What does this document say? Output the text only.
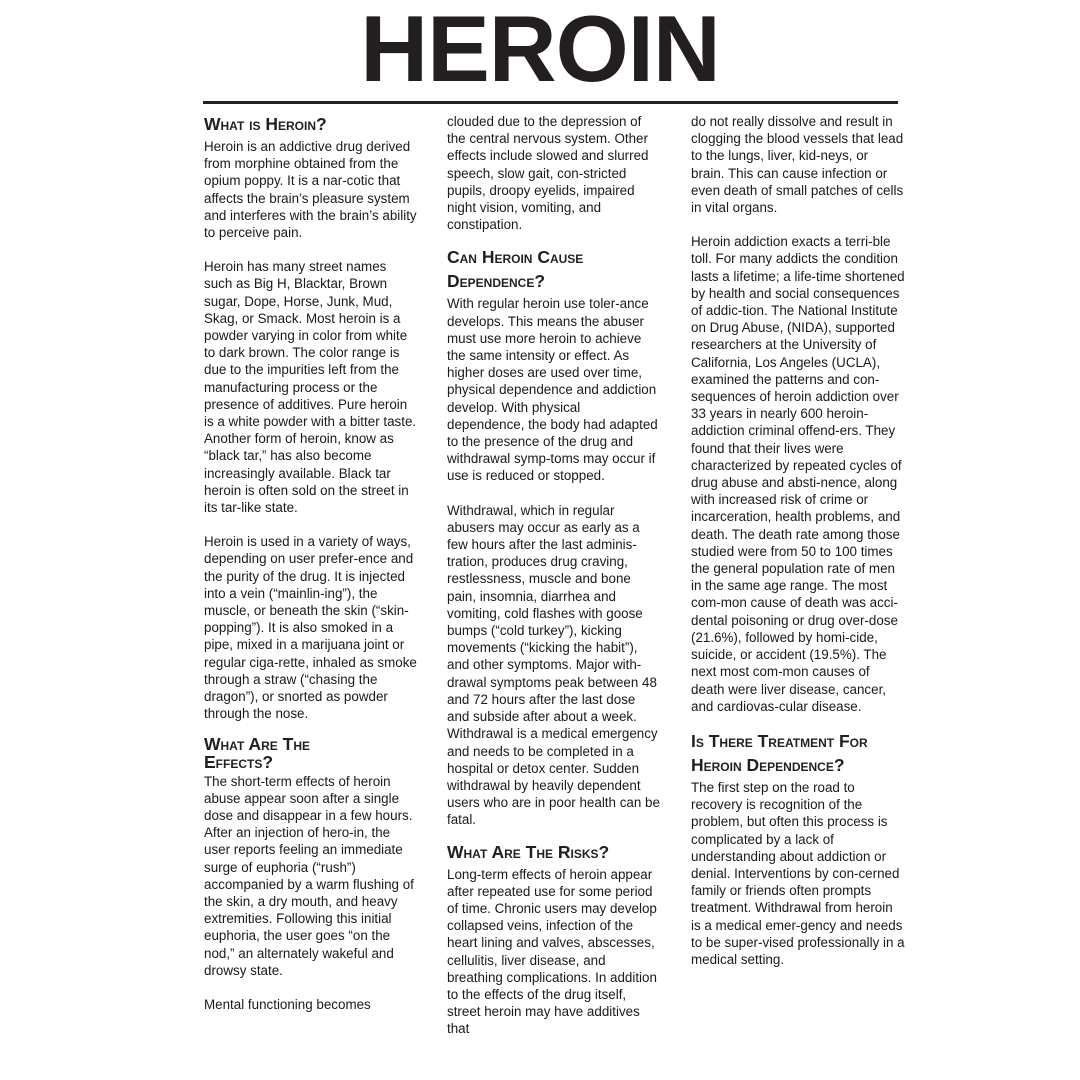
HEROIN
What is Heroin?

Heroin is an addictive drug derived from morphine obtained from the opium poppy. It is a nar-cotic that affects the brain’s pleasure system and interferes with the brain’s ability to perceive pain.

Heroin has many street names such as Big H, Blacktar, Brown sugar, Dope, Horse, Junk, Mud, Skag, or Smack. Most heroin is a powder varying in color from white to dark brown. The color range is due to the impurities left from the manufacturing process or the presence of additives. Pure heroin is a white powder with a bitter taste. Another form of heroin, know as “black tar,” has also become increasingly available. Black tar heroin is often sold on the street in its tar-like state.

Heroin is used in a variety of ways, depending on user prefer-ence and the purity of the drug. It is injected into a vein (“mainlin-ing”), the muscle, or beneath the skin (“skin-popping”). It is also smoked in a pipe, mixed in a marijuana joint or regular ciga-rette, inhaled as smoke through a straw (“chasing the dragon”), or snorted as powder through the nose.

What Are The Effects?

The short-term effects of heroin abuse appear soon after a single dose and disappear in a few hours. After an injection of hero-in, the user reports feeling an immediate surge of euphoria (“rush”) accompanied by a warm flushing of the skin, a dry mouth, and heavy extremities. Following this initial euphoria, the user goes “on the nod,” an alternately wakeful and drowsy state.

Mental functioning becomes

clouded due to the depression of the central nervous system. Other effects include slowed and slurred speech, slow gait, con-stricted pupils, droopy eyelids, impaired night vision, vomiting, and constipation.

Can Heroin Cause Dependence?

With regular heroin use toler-ance develops. This means the abuser must use more heroin to achieve the same intensity or effect. As higher doses are used over time, physical dependence and addiction develop. With physical dependence, the body had adapted to the presence of the drug and withdrawal symp-toms may occur if use is reduced or stopped.

Withdrawal, which in regular abusers may occur as early as a few hours after the last adminis-tration, produces drug craving, restlessness, muscle and bone pain, insomnia, diarrhea and vomiting, cold flashes with goose bumps (“cold turkey”), kicking movements (“kicking the habit”), and other symptoms. Major with-drawal symptoms peak between 48 and 72 hours after the last dose and subside after about a week. Withdrawal is a medical emergency and needs to be completed in a hospital or detox center. Sudden withdrawal by heavily dependent users who are in poor health can be fatal.

What Are The Risks?

Long-term effects of heroin appear after repeated use for some period of time. Chronic users may develop collapsed veins, infection of the heart lining and valves, abscesses, cellulitis, liver disease, and breathing complications. In addition to the effects of the drug itself, street heroin may have additives that

do not really dissolve and result in clogging the blood vessels that lead to the lungs, liver, kid-neys, or brain. This can cause infection or even death of small patches of cells in vital organs.

Heroin addiction exacts a terri-ble toll. For many addicts the condition lasts a lifetime; a life-time shortened by health and social consequences of addic-tion. The National Institute on Drug Abuse, (NIDA), supported researchers at the University of California, Los Angeles (UCLA), examined the patterns and con-sequences of heroin addiction over 33 years in nearly 600 heroin-addiction criminal offend-ers. They found that their lives were characterized by repeated cycles of drug abuse and absti-nence, along with increased risk of crime or incarceration, health problems, and death. The death rate among those studied were from 50 to 100 times the general population rate of men in the same age range. The most com-mon cause of death was acci-dental poisoning or drug over-dose (21.6%), followed by homi-cide, suicide, or accident (19.5%). The next most com-mon causes of death were liver disease, cancer, and cardiovas-cular disease.

Is There Treatment For Heroin Dependence?

The first step on the road to recovery is recognition of the problem, but often this process is complicated by a lack of understanding about addiction or denial. Interventions by con-cerned family or friends often prompts treatment. Withdrawal from heroin is a medical emer-gency and needs to be super-vised professionally in a medical setting.
